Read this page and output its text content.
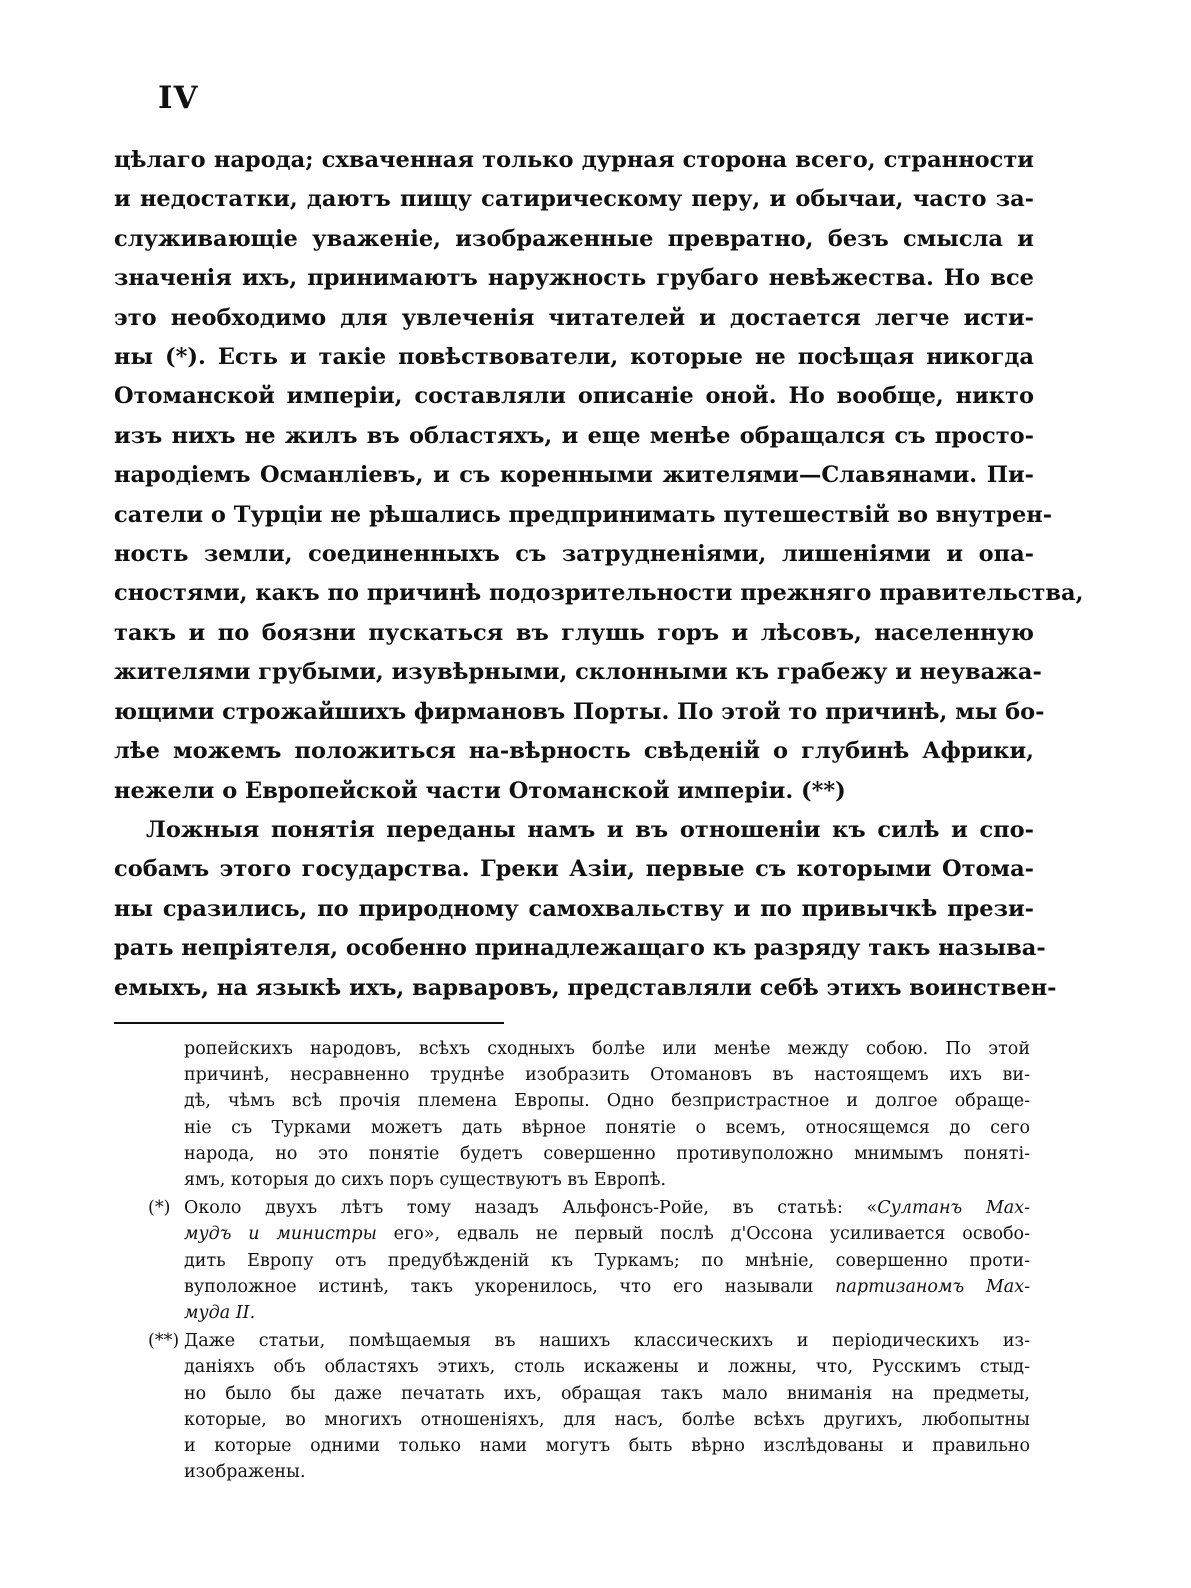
IV
цѣлаго народа; схваченная только дурная сторона всего, странности
и недостатки, даютъ пищу сатирическому перу, и обычаи, часто за-
служивающіе уваженіе, изображенные превратно, безъ смысла и
значенія ихъ, принимаютъ наружность грубаго невѣжества. Но все
это необходимо для увлеченія читателей и достается легче исти-
ны (*). Есть и такіе повѣствователи, которые не посѣщая никогда
Отоманской имперіи, составляли описаніе оной. Но вообще, никто
изъ нихъ не жилъ въ областяхъ, и еще менѣе обращался съ просто-
народіемъ Османліевъ, и съ коренными жителями—Славянами. Пи-
сатели о Турціи не рѣшались предпринимать путешествій во внутрен-
ность земли, соединенныхъ съ затрудненіями, лишеніями и опа-
сностями, какъ по причинѣ подозрительности прежняго правительства,
такъ и по боязни пускаться въ глушь горъ и лѣсовъ, населенную
жителями грубыми, изувѣрными, склонными къ грабежу и неуважа-
ющими строжайшихъ фирмановъ Порты. По этой то причинѣ, мы бо-
лѣе можемъ положиться на-вѣрность свѣденій о глубинѣ Африки,
нежели о Европейской части Отоманской имперіи. (**)
Ложныя понятія переданы намъ и въ отношеніи къ силѣ и спо-
собамъ этого государства. Греки Азіи, первые съ которыми Отома-
ны сразились, по природному самохвальству и по привычкѣ прези-
рать непріятеля, особенно принадлежащаго къ разряду такъ называ-
емыхъ, на языкѣ ихъ, варваровъ, представляли себѣ этихъ воинствен-
ропейскихъ народовъ, всѣхъ сходныхъ болѣе или менѣе между собою. По этой
причинѣ, несравненно труднѣе изобразить Отомановъ въ настоящемъ ихъ ви-
дѣ, чѣмъ всѣ прочія племена Европы. Одно безпристрастное и долгое обраще-
ніе съ Турками можетъ дать вѣрное понятіе о всемъ, относящемся до сего
народа, но это понятіе будетъ совершенно противуположно мнимымъ поняті-
ямъ, которыя до сихъ поръ существуютъ въ Европѣ.
(*) Около двухъ лѣтъ тому назадъ Альфонсъ-Ройе, въ статьѣ: «Султанъ Мах-
мудъ и министры его», едваль не первый послѣ д'Оссона усиливается освобо-
дить Европу отъ предубѣжденій къ Туркамъ; по мнѣніе, совершенно проти-
вуположное истинѣ, такъ укоренилось, что его называли партизаномъ Мах-
муда II.
(**) Даже статьи, помѣщаемыя въ нашихъ классическихъ и періодическихъ из-
даніяхъ объ областяхъ этихъ, столь искажены и ложны, что, Русскимъ стыд-
но было бы даже печатать ихъ, обращая такъ мало вниманія на предметы,
которые, во многихъ отношеніяхъ, для насъ, болѣе всѣхъ другихъ, любопытны
и которые одними только нами могутъ быть вѣрно изслѣдованы и правильно
изображены.
